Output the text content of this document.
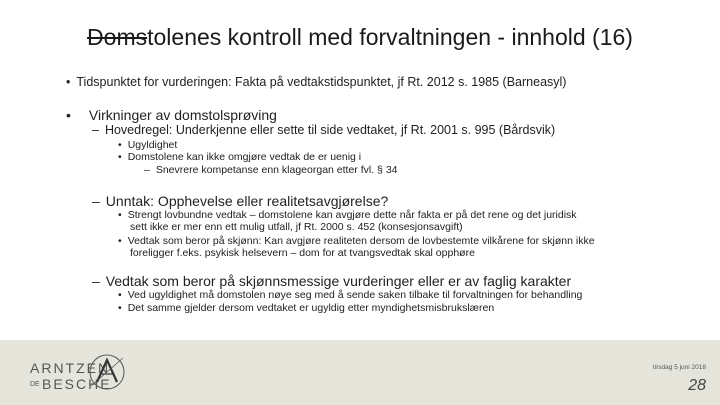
Domstolenes kontroll med forvaltningen - innhold (16)
• Tidspunktet for vurderingen: Fakta på vedtakstidspunktet, jf Rt. 2012 s. 1985 (Barneasyl)
• Virkninger av domstolsprøving
– Hovedregel: Underkjenne eller sette til side vedtaket, jf Rt. 2001 s. 995 (Bårdsvik)
• Ugyldighet
• Domstolene kan ikke omgjøre vedtak de er uenig i
– Snevrere kompetanse enn klageorgan etter fvl. § 34
– Unntak: Opphevelse eller realitetsavgjørelse?
• Strengt lovbundne vedtak – domstolene kan avgjøre dette når fakta er på det rene og det juridisk
sett ikke er mer enn ett mulig utfall, jf Rt. 2000 s. 452 (konsesjonsavgift)
• Vedtak som beror på skjønn: Kan avgjøre realiteten dersom de lovbestemte vilkårene for skjønn ikke
foreligger f.eks. psykisk helsevern – dom for at tvangsvedtak skal opphøre
– Vedtak som beror på skjønnsmessige vurderinger eller er av faglig karakter
• Ved ugyldighet må domstolen nøye seg med å sende saken tilbake til forvaltningen for behandling
• Det samme gjelder dersom vedtaket er ugyldig etter myndighetsmisbrukslæren
ARNTZEN
DE BESCHE
tirsdag 5 juni 2018
28
